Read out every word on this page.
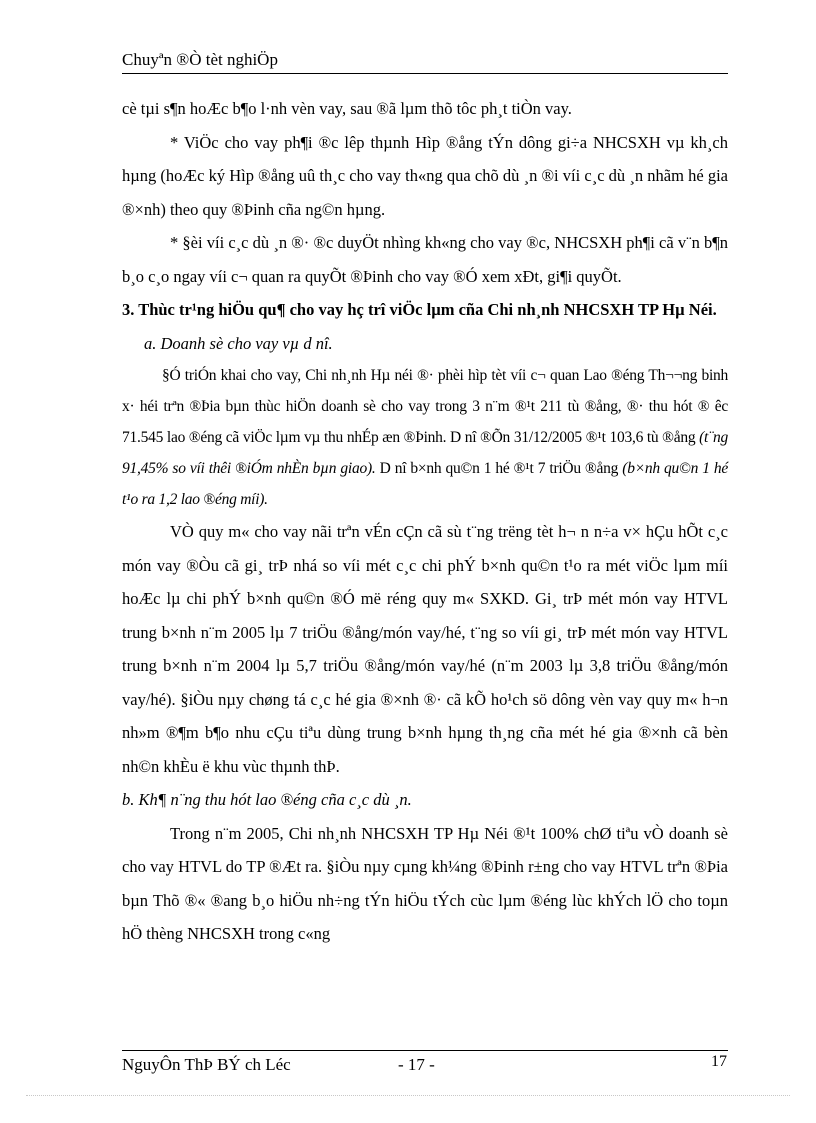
Chuyªn ®Ò tèt nghiÖp

cè tµi s¶n hoÆc b¶o l·nh vèn vay, sau ®ã lµm thõ tôc ph¸t tiÒn vay.

* ViÖc cho vay ph¶i ®c lêp thµnh Hìp ®ång tÝn dông gi÷a NHCSXH vµ kh¸ch hµng (hoÆc ký Hìp ®ång uû th¸c cho vay th«ng qua chõ dù ¸n ®i víi c¸c dù ¸n nhãm hé gia ®×nh) theo quy ®Þinh cña ng©n hµng.

* §èi víi c¸c dù ¸n ®· ®c duyÖt nhìng kh«ng cho vay ®c, NHCSXH ph¶i cã v¨n b¶n b¸o c¸o ngay víi c¬ quan ra quyÕt ®Þinh cho vay ®Ó xem xÐt, gi¶i quyÕt.

3. Thùc tr¹ng hiÖu qu¶ cho vay hç trî viÖc lµm cña Chi nh¸nh NHCSXH TP Hµ Néi.

a. Doanh sè cho vay vµ d nî.

§Ó triÓn khai cho vay, Chi nh¸nh Hµ néi ®· phèi hìp tèt víi c¬ quan Lao ®éng Th¬¬ng binh x· héi trªn ®Þia bµn thùc hiÖn doanh sè cho vay trong 3 n¨m ®¹t 211 tù ®ång, ®· thu hót ® êc 71.545 lao ®éng cã viÖc lµm vµ thu nhÉp æn ®Þinh. D nî ®Õn 31/12/2005 ®¹t 103,6 tù ®ång (t¨ng 91,45% so víi thêi ®iÓm nhÈn bµn giao). D nî b×nh qu©n 1 hé ®¹t 7 triÖu ®ång (b×nh qu©n 1 hé t¹o ra 1,2 lao ®éng míi).

VÒ quy m« cho vay nãi trªn vÉn cÇn cã sù t¨ng trëng tèt h¬ n n÷a v× hÇu hÕt c¸c món vay ®Òu cã gi¸ trÞ nhá so víi mét c¸c chi phÝ b×nh qu©n t¹o ra mét viÖc lµm míi hoÆc lµ chi phÝ b×nh qu©n ®Ó më réng quy m« SXKD. Gi¸ trÞ mét món vay HTVL trung b×nh n¨m 2005 lµ 7 triÖu ®ång/món vay/hé, t¨ng so víi gi¸ trÞ mét món vay HTVL trung b×nh n¨m 2004 lµ 5,7 triÖu ®ång/món vay/hé (n¨m 2003 lµ 3,8 triÖu ®ång/món vay/hé). §iÒu nµy chøng tá c¸c hé gia ®×nh ®· cã kÕ ho¹ch sö dông vèn vay quy m« h¬n nh»m ®¶m b¶o nhu cÇu tiªu dùng trung b×nh hµng th¸ng cña mét hé gia ®×nh cã bèn nh©n khÈu ë khu vùc thµnh thÞ.

b. Kh¶ n¨ng thu hót lao ®éng cña c¸c dù ¸n.

Trong n¨m 2005, Chi nh¸nh NHCSXH TP Hµ Néi ®¹t 100% chØ tiªu vÒ doanh sè cho vay HTVL do TP ®Æt ra. §iÒu nµy cµng kh¼ng ®Þinh r±ng cho vay HTVL trªn ®Þia bµn Thõ ®« ®ang b¸o hiÖu nh÷ng tÝn hiÖu tÝch cùc lµm ®éng lùc khÝch lÖ cho toµn hÖ thèng NHCSXH trong c«ng

NguyÔn ThÞ BÝ ch Léc	- 17 -	17
